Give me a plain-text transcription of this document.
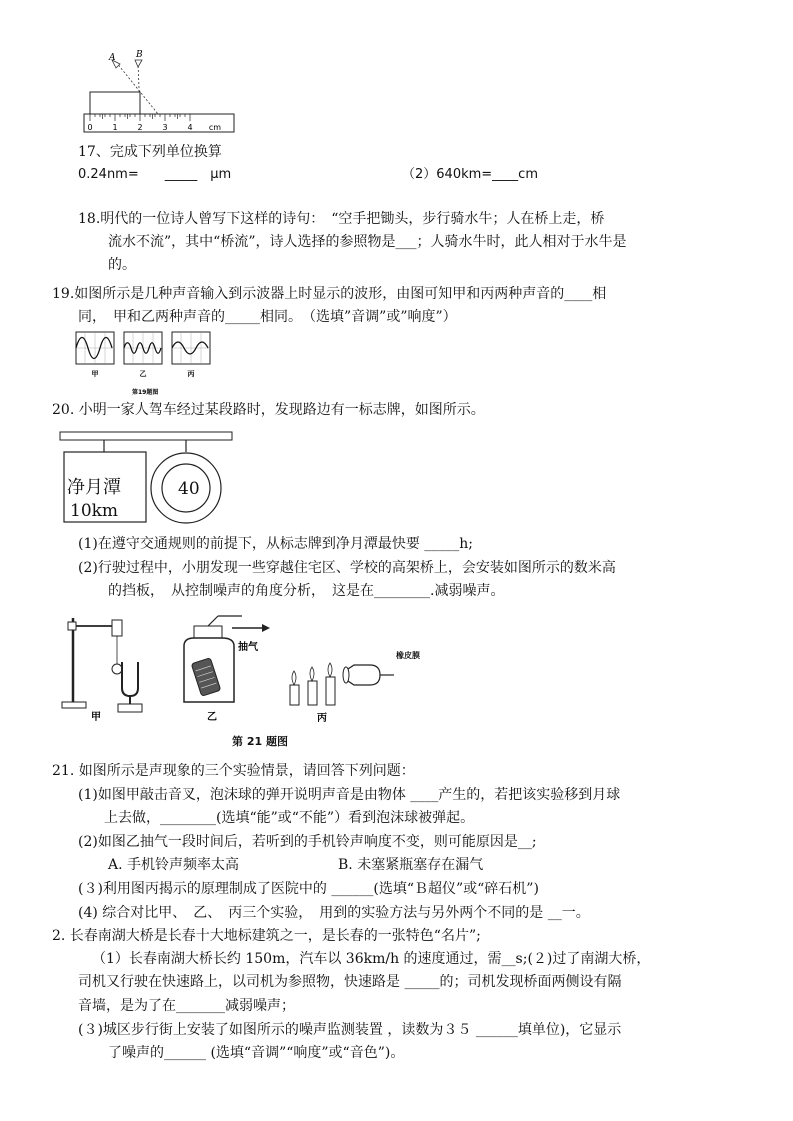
A B
0 1 2 3 4 cm
17、完成下列单位换算
0.24nm=　　_____　μm	（2）640km=____cm
18.明代的一位诗人曾写下这样的诗句：　“空手把锄头，步行骑水牛；人在桥上走，桥
流水不流”，其中“桥流”，诗人选择的参照物是___；人骑水牛时，此人相对于水牛是
的。
19.如图所示是几种声音输入到示波器上时显示的波形，由图可知甲和丙两种声音的____相
同，　甲和乙两种声音的_____相同。　（选填”音调”或”响度”）
甲	乙	丙
第19题图
20. 小明一家人驾车经过某段路时，发现路边有一标志牌，如图所示。
净月潭
10km
40
(1)在遵守交通规则的前提下，从标志牌到净月潭最快要 _____h;
(2)行驶过程中，小朋发现一些穿越住宅区、学校的高架桥上，会安装如图所示的数米高
的挡板，　从控制噪声的角度分析，　这是在________.减弱噪声。
甲
抽气
乙	丙
橡皮膜
第 21 题图
21. 如图所示是声现象的三个实验情景，请回答下列问题：
(1)如图甲敲击音叉，泡沫球的弹开说明声音是由物体 ____产生的，若把该实验移到月球
上去做，________(选填“能”或“不能”）看到泡沫球被弹起。
(2)如图乙抽气一段时间后，若听到的手机铃声响度不变，则可能原因是__;
A. 手机铃声频率太高	B. 未塞紧瓶塞存在漏气
(３)利用图丙揭示的原理制成了医院中的 ______(选填“Ｂ超仪”或“碎石机”)
(4) 综合对比甲、　乙、　丙三个实验，　用到的实验方法与另外两个不同的是 __一。
2. 长春南湖大桥是长春十大地标建筑之一，是长春的一张特色“名片”;
（1）长春南湖大桥长约 150m，汽车以 36km/h 的速度通过，需__s;(２)过了南湖大桥，
司机又行驶在快速路上，以司机为参照物，快速路是 _____的；司机发现桥面两侧设有隔
音墙，是为了在_______减弱噪声；
(３)城区步行街上安装了如图所示的噪声监测装置 ，读数为３５ ______填单位)，它显示
了噪声的______ (选填“音调”“响度”或“音色”)。
